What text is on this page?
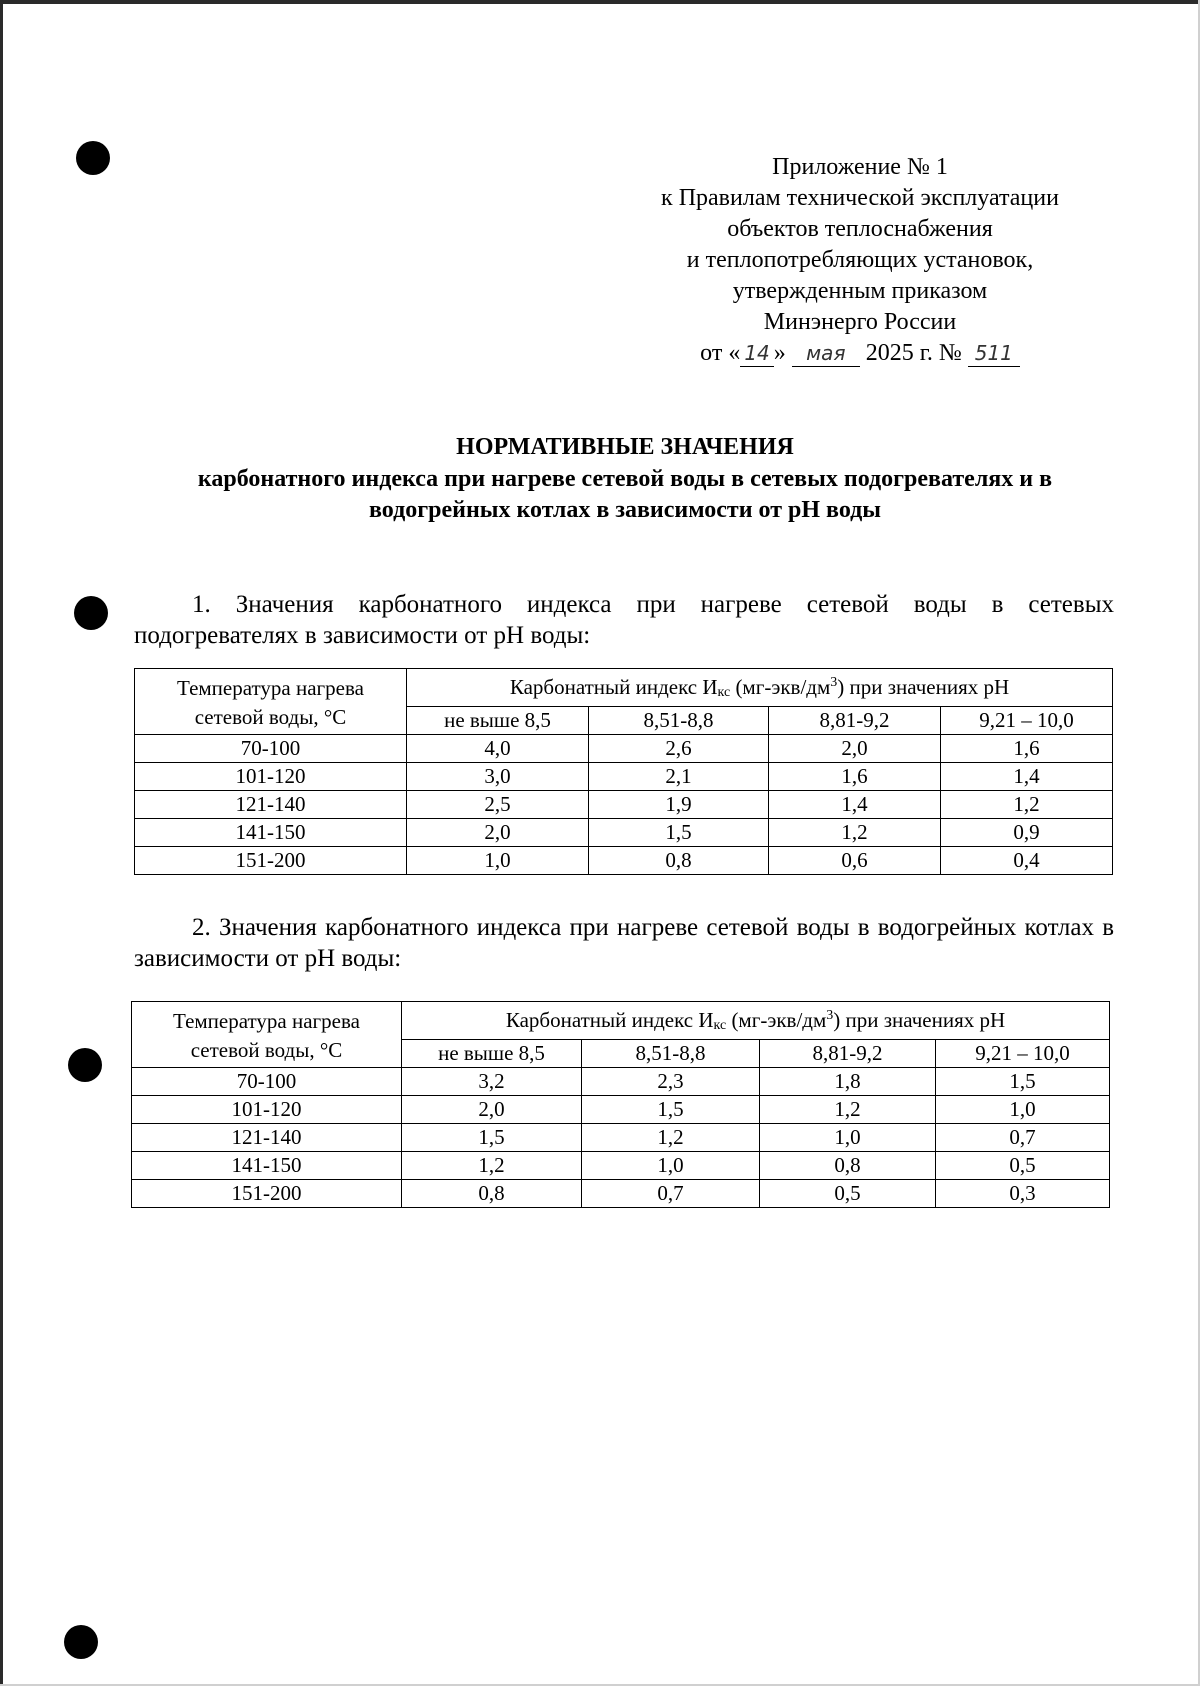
Приложение № 1
к Правилам технической эксплуатации
объектов теплоснабжения
и теплопотребляющих установок,
утвержденным приказом
Минэнерго России
от « 14 » мая 2025 г. № 511
НОРМАТИВНЫЕ ЗНАЧЕНИЯ
карбонатного индекса при нагреве сетевой воды в сетевых подогревателях и в водогрейных котлах в зависимости от pH воды
1. Значения карбонатного индекса при нагреве сетевой воды в сетевых подогревателях в зависимости от pH воды:
Температура нагрева
сетевой воды, °С	Карбонатный индекс $И_{кс}$ $(мг-экв/дм^3)$ при значениях pH			
	не выше 8,5	8,51-8,8	8,81-9,2	9,21 – 10,0
70-100	4,0	2,6	2,0	1,6
101-120	3,0	2,1	1,6	1,4
121-140	2,5	1,9	1,4	1,2
141-150	2,0	1,5	1,2	0,9
151-200	1,0	0,8	0,6	0,4
2. Значения карбонатного индекса при нагреве сетевой воды в водогрейных котлах в зависимости от pH воды:
Температура нагрева
сетевой воды, °С	Карбонатный индекс $И_{кс}$ $(мг-экв/дм^3)$ при значениях pH			
	не выше 8,5	8,51-8,8	8,81-9,2	9,21 – 10,0
70-100	3,2	2,3	1,8	1,5
101-120	2,0	1,5	1,2	1,0
121-140	1,5	1,2	1,0	0,7
141-150	1,2	1,0	0,8	0,5
151-200	0,8	0,7	0,5	0,3
